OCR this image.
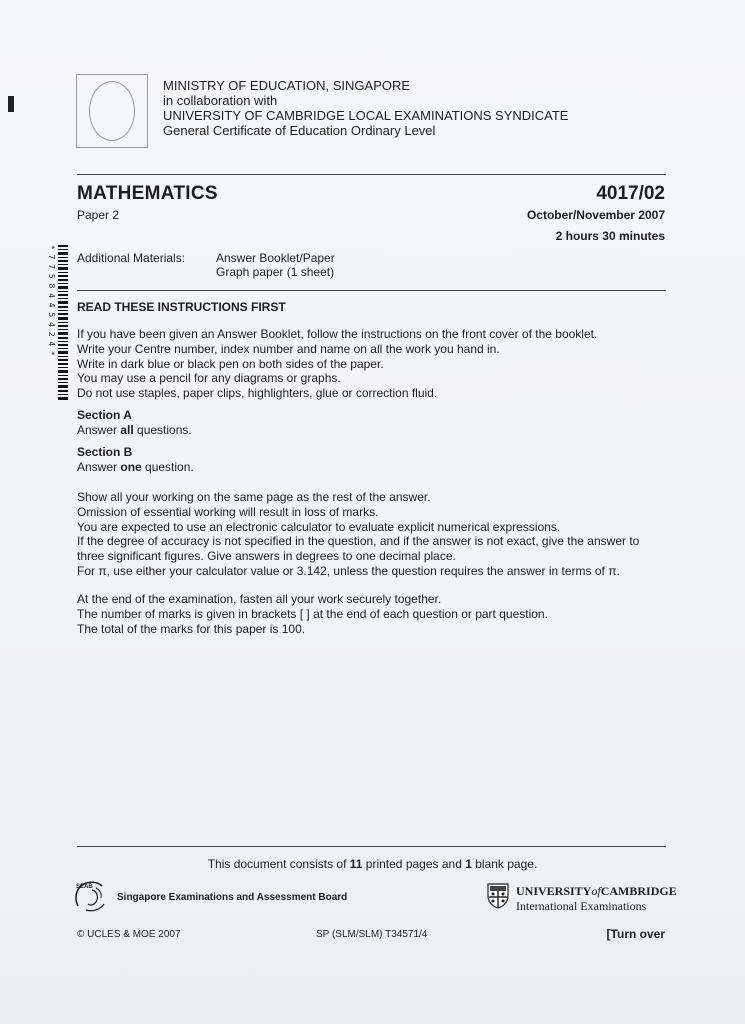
MINISTRY OF EDUCATION, SINGAPORE
in collaboration with
UNIVERSITY OF CAMBRIDGE LOCAL EXAMINATIONS SYNDICATE
General Certificate of Education Ordinary Level
MATHEMATICS	4017/02
Paper 2	October/November 2007
2 hours 30 minutes
Additional Materials:	Answer Booklet/Paper
Graph paper (1 sheet)
* 7 7 5 8 4 4 5 4 2 4 * READ THESE INSTRUCTIONS FIRST

If you have been given an Answer Booklet, follow the instructions on the front cover of the booklet.

Write your Centre number, index number and name on all the work you hand in.

Write in dark blue or black pen on both sides of the paper.

You may use a pencil for any diagrams or graphs.

Do not use staples, paper clips, highlighters, glue or correction fluid.

Section A

Answer all questions.

Section B

Answer one question.

Show all your working on the same page as the rest of the answer.

Omission of essential working will result in loss of marks.

You are expected to use an electronic calculator to evaluate explicit numerical expressions.

If the degree of accuracy is not specified in the question, and if the answer is not exact, give the answer to three significant figures. Give answers in degrees to one decimal place.

For π, use either your calculator value or 3.142, unless the question requires the answer in terms of π.

At the end of the examination, fasten all your work securely together.

The number of marks is given in brackets [ ] at the end of each question or part question.

The total of the marks for this paper is 100.

This document consists of 11 printed pages and 1 blank page.
SEAB
Singapore Examinations and Assessment Board	UNIVERSITYofCAMBRIDGE
International Examinations
© UCLES & MOE 2007	SP (SLM/SLM) T34571/4	[Turn over
